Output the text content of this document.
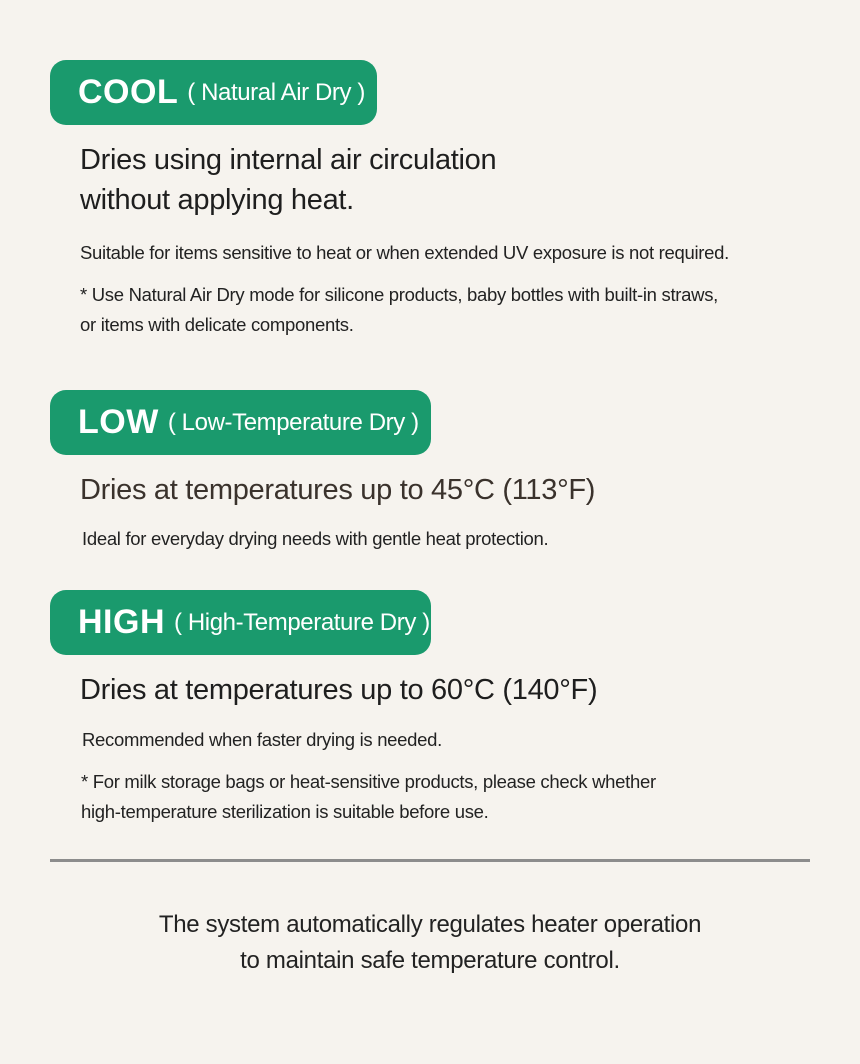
COOL ( Natural Air Dry )
Dries using internal air circulation
without applying heat.
Suitable for items sensitive to heat or when extended UV exposure is not required.
* Use Natural Air Dry mode for silicone products, baby bottles with built-in straws,
or items with delicate components.
LOW ( Low-Temperature Dry )
Dries at temperatures up to 45°C (113°F)
Ideal for everyday drying needs with gentle heat protection.
HIGH ( High-Temperature Dry )
Dries at temperatures up to 60°C (140°F)
Recommended when faster drying is needed.
* For milk storage bags or heat-sensitive products, please check whether
high-temperature sterilization is suitable before use.
The system automatically regulates heater operation
to maintain safe temperature control.
